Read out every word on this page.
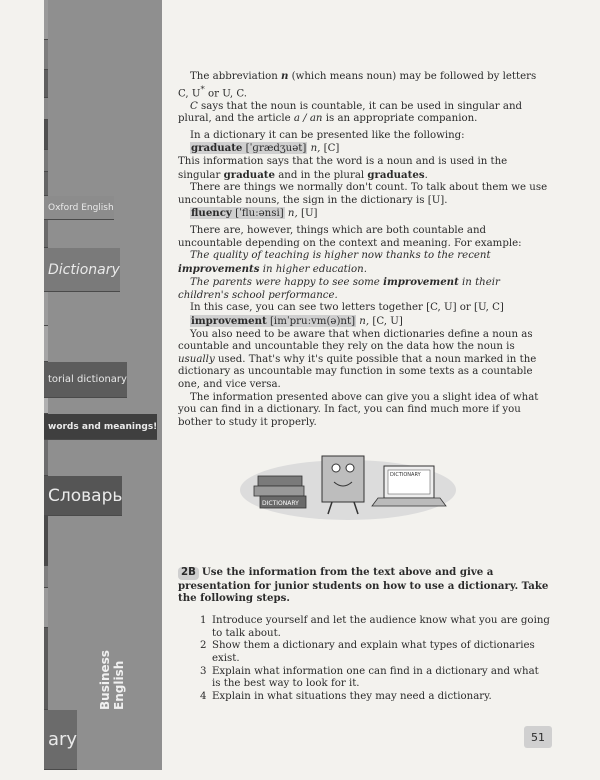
Oxford English
Dictionary
torial dictionary
words and meanings!
Словарь
Business English
ary

The abbreviation n (which means noun) may be followed by letters C, U* or U, C.

C says that the noun is countable, it can be used in singular and plural, and the article a / an is an appropriate companion.

In a dictionary it can be presented like the following:

graduate [ˈɡrædʒuət] n, [C]

This information says that the word is a noun and is used in the singular graduate and in the plural graduates.

There are things we normally don't count. To talk about them we use uncountable nouns, the sign in the dictionary is [U].

fluency [ˈfluːənsi] n, [U]

There are, however, things which are both countable and uncountable depending on the context and meaning. For example:

The quality of teaching is higher now thanks to the recent improvements in higher education.

The parents were happy to see some improvement in their children's school performance.

In this case, you can see two letters together [C, U] or [U, C]

improvement [imˈpruːvm(ə)nt] n, [C, U]

You also need to be aware that when dictionaries define a noun as countable and uncountable they rely on the data how the noun is usually used. That's why it's quite possible that a noun marked in the dictionary as uncountable may function in some texts as a countable one, and vice versa.

The information presented above can give you a slight idea of what you can find in a dictionary. In fact, you can find much more if you bother to study it properly.

DICTIONARY
DICTIONARY

2B Use the information from the text above and give a presentation for junior students on how to use a dictionary. Take the following steps.

1 Introduce yourself and let the audience know what you are going to talk about.
2 Show them a dictionary and explain what types of dictionaries exist.
3 Explain what information one can find in a dictionary and what is the best way to look for it.
4 Explain in what situations they may need a dictionary.
51
